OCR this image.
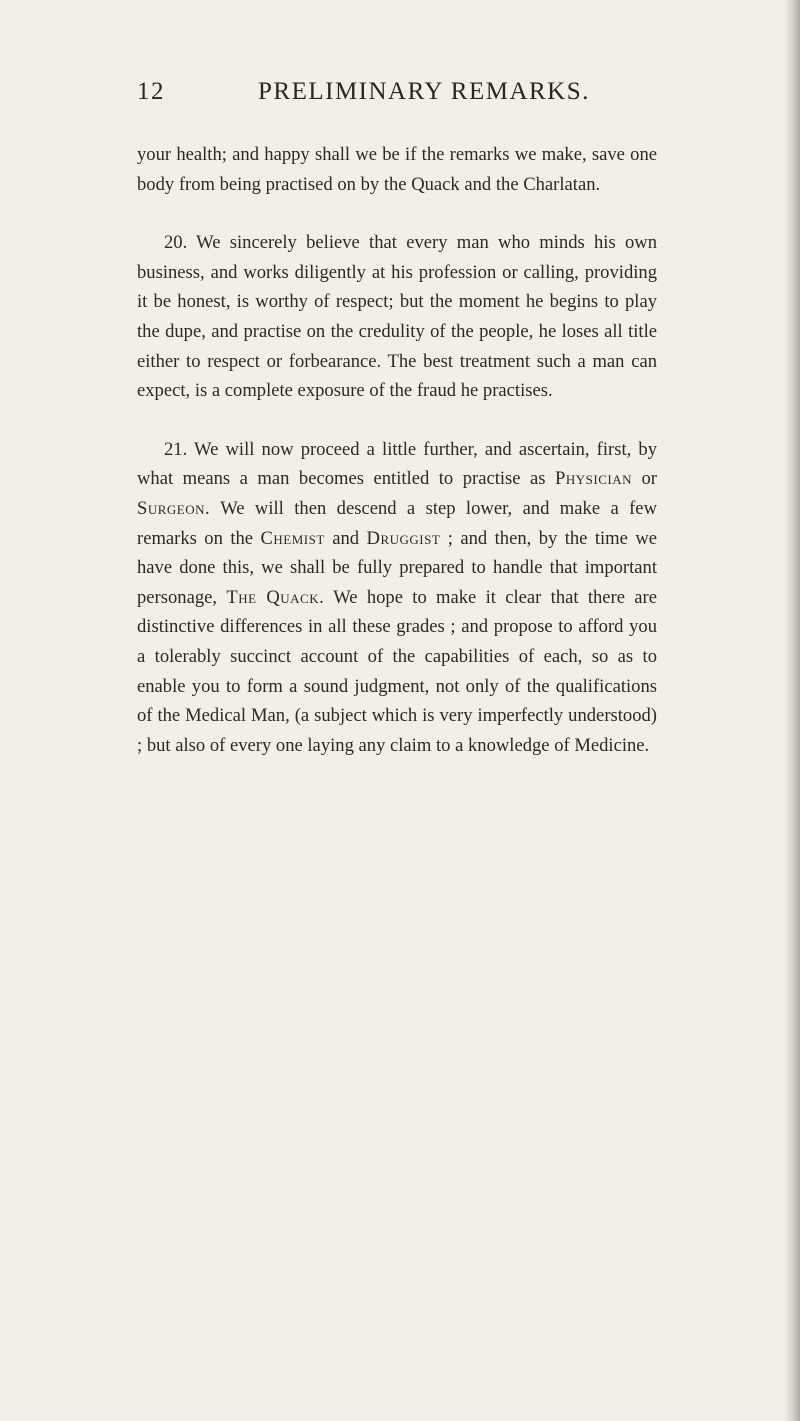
12	PRELIMINARY REMARKS.

your health; and happy shall we be if the remarks we make, save one body from being practised on by the Quack and the Charlatan.

20. We sincerely believe that every man who minds his own business, and works diligently at his profession or calling, providing it be honest, is worthy of respect; but the moment he begins to play the dupe, and practise on the credulity of the people, he loses all title either to respect or forbearance. The best treatment such a man can expect, is a complete exposure of the fraud he practises.

21. We will now proceed a little further, and ascertain, first, by what means a man becomes entitled to practise as Physician or Surgeon. We will then descend a step lower, and make a few remarks on the Chemist and Druggist ; and then, by the time we have done this, we shall be fully prepared to handle that important personage, The Quack. We hope to make it clear that there are distinctive differences in all these grades ; and propose to afford you a tolerably succinct account of the capabilities of each, so as to enable you to form a sound judgment, not only of the qualifications of the Medical Man, (a subject which is very imperfectly understood) ; but also of every one laying any claim to a knowledge of Medicine.
